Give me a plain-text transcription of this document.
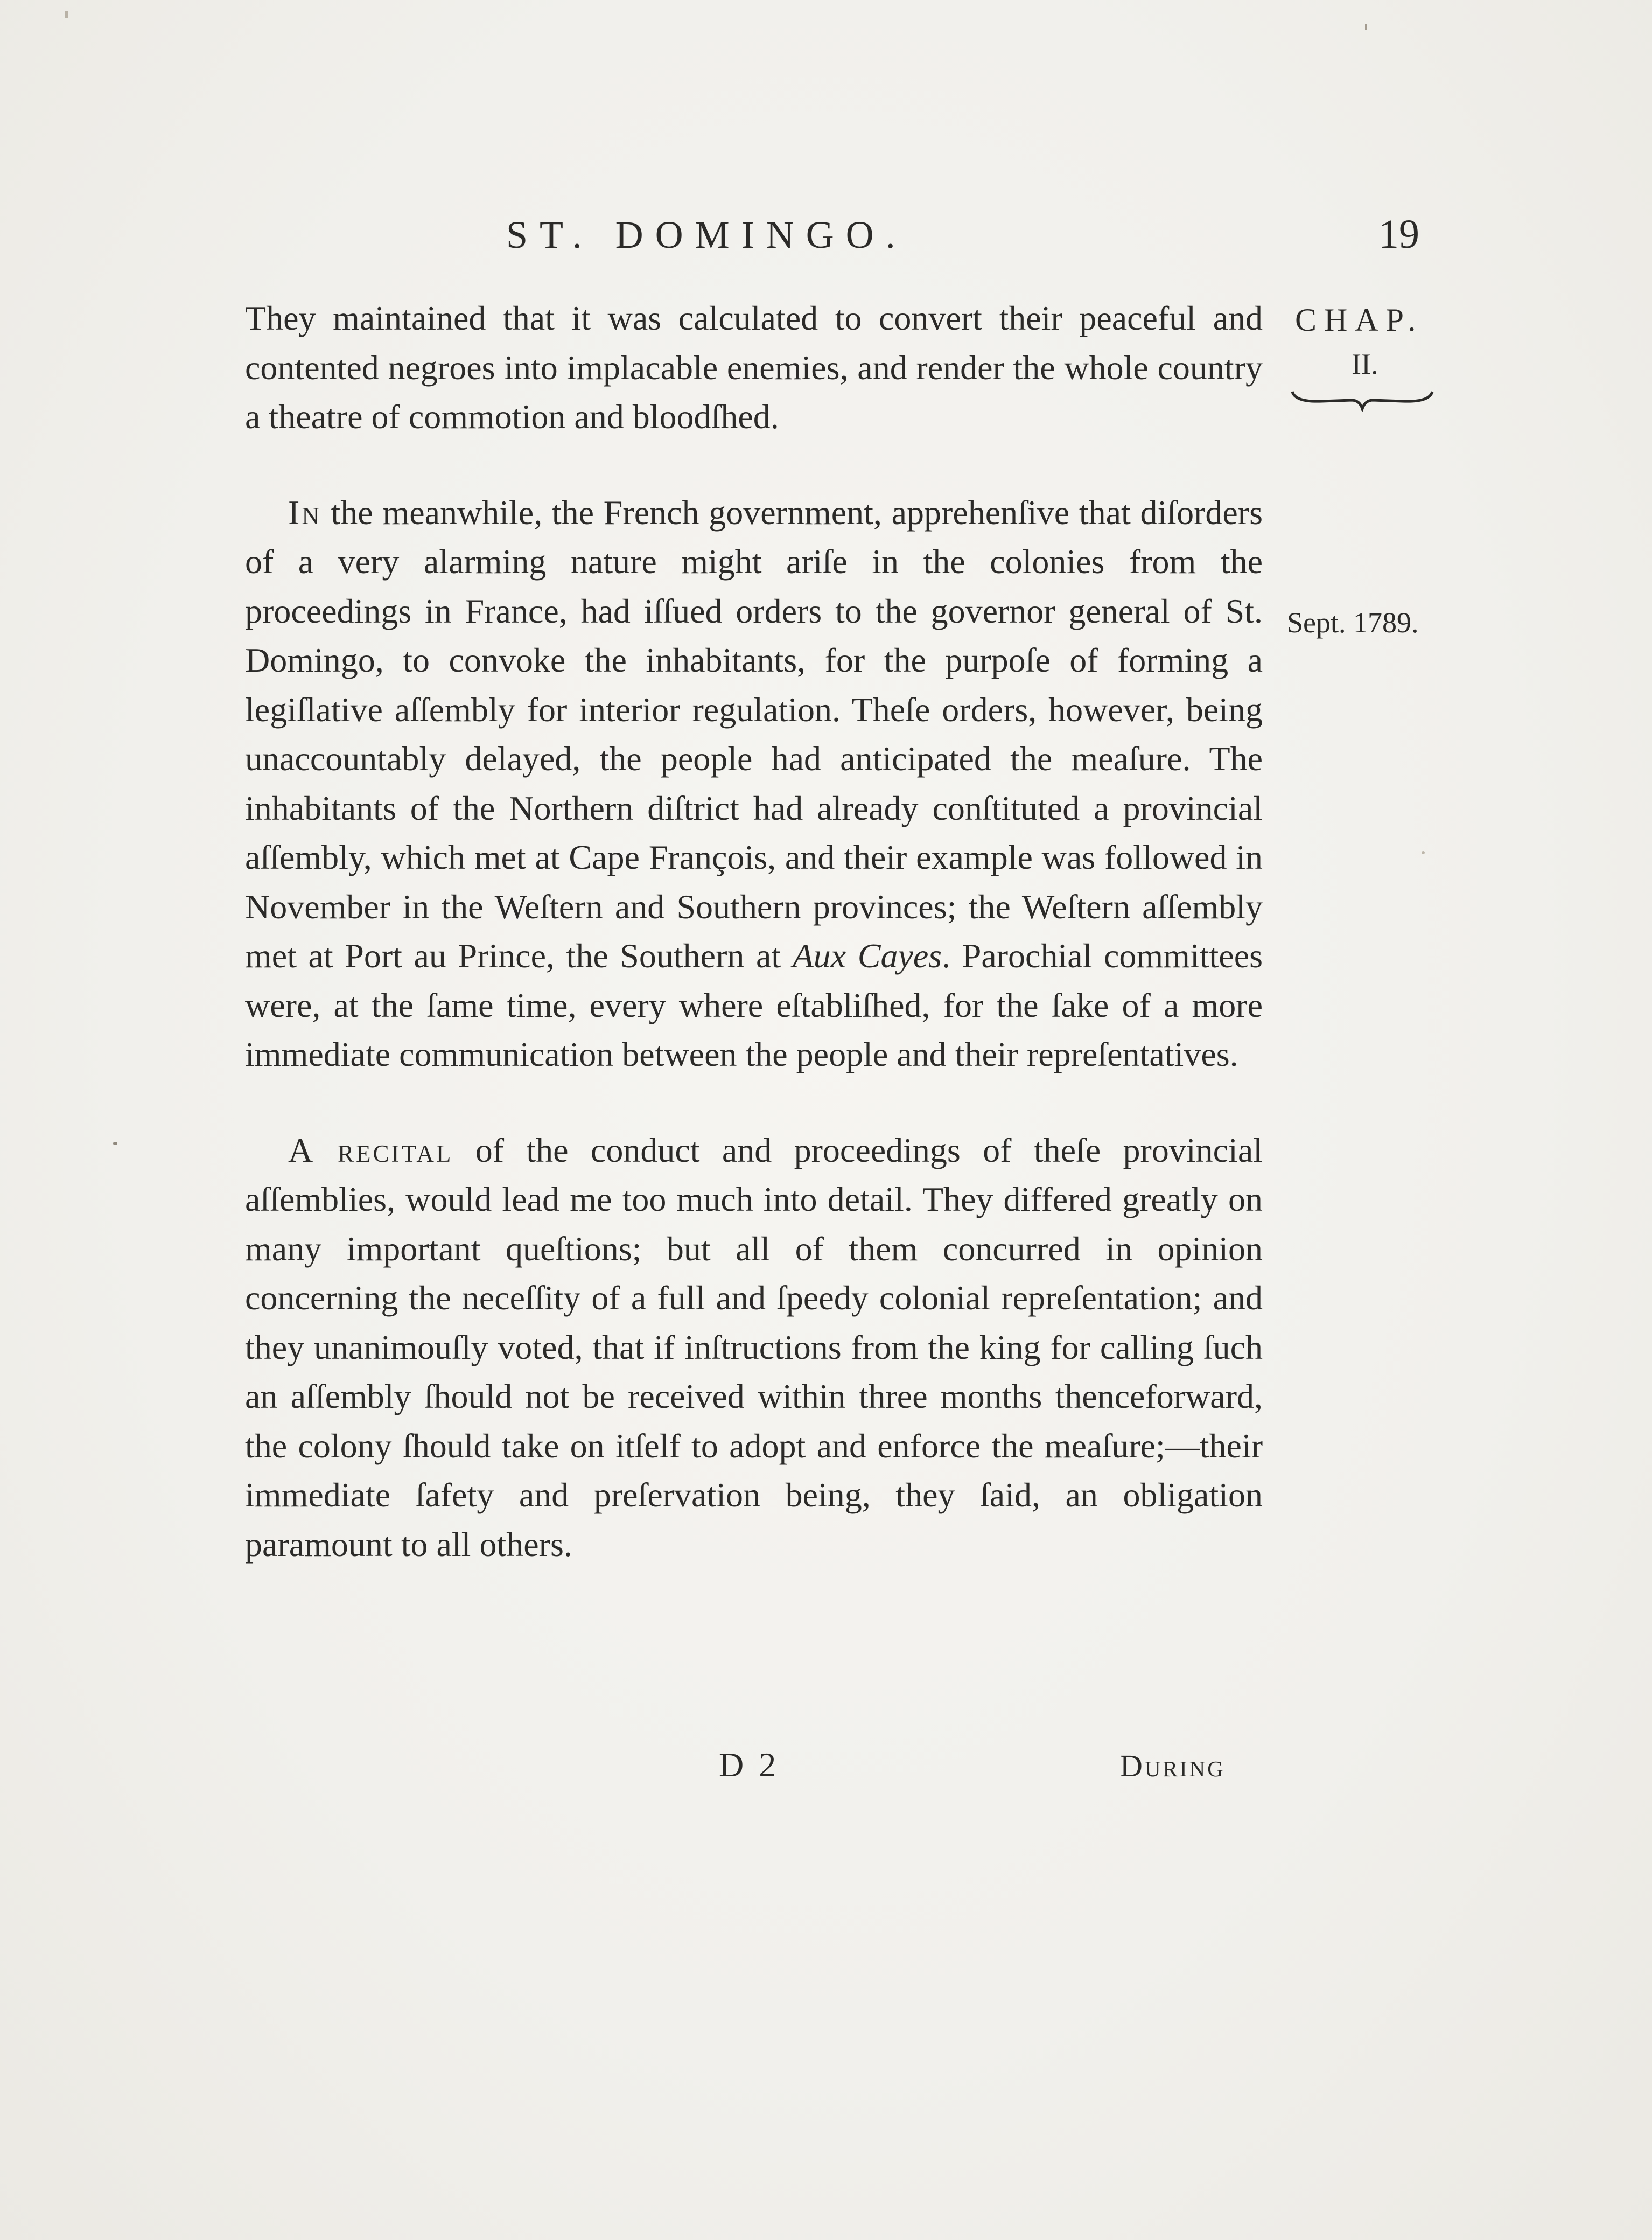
ST. DOMINGO.	19
CHAP.
II.
Sept. 1789.

They maintained that it was calculated to convert their peaceful and contented negroes into implacable enemies, and render the whole country a theatre of commotion and bloodſhed.

In the meanwhile, the French government, apprehenſive that diſorders of a very alarming nature might ariſe in the colonies from the proceedings in France, had iſſued orders to the governor general of St. Domingo, to convoke the inhabitants, for the purpoſe of forming a legiſlative aſſembly for interior regulation. Theſe orders, however, being unaccountably delayed, the people had anticipated the meaſure. The inhabitants of the Northern diſtrict had already conſtituted a provincial aſſembly, which met at Cape François, and their example was followed in November in the Weſtern and Southern provinces; the Weſtern aſſembly met at Port au Prince, the Southern at Aux Cayes. Parochial committees were, at the ſame time, every where eſtabliſhed, for the ſake of a more immediate communication between the people and their repreſentatives.

A recital of the conduct and proceedings of theſe provincial aſſemblies, would lead me too much into detail. They differed greatly on many important queſtions; but all of them concurred in opinion concerning the neceſſity of a full and ſpeedy colonial repreſentation; and they unanimouſly voted, that if inſtructions from the king for calling ſuch an aſſembly ſhould not be received within three months thenceforward, the colony ſhould take on itſelf to adopt and enforce the meaſure;—their immediate ſafety and preſervation being, they ſaid, an obligation paramount to all others.

D 2	During
